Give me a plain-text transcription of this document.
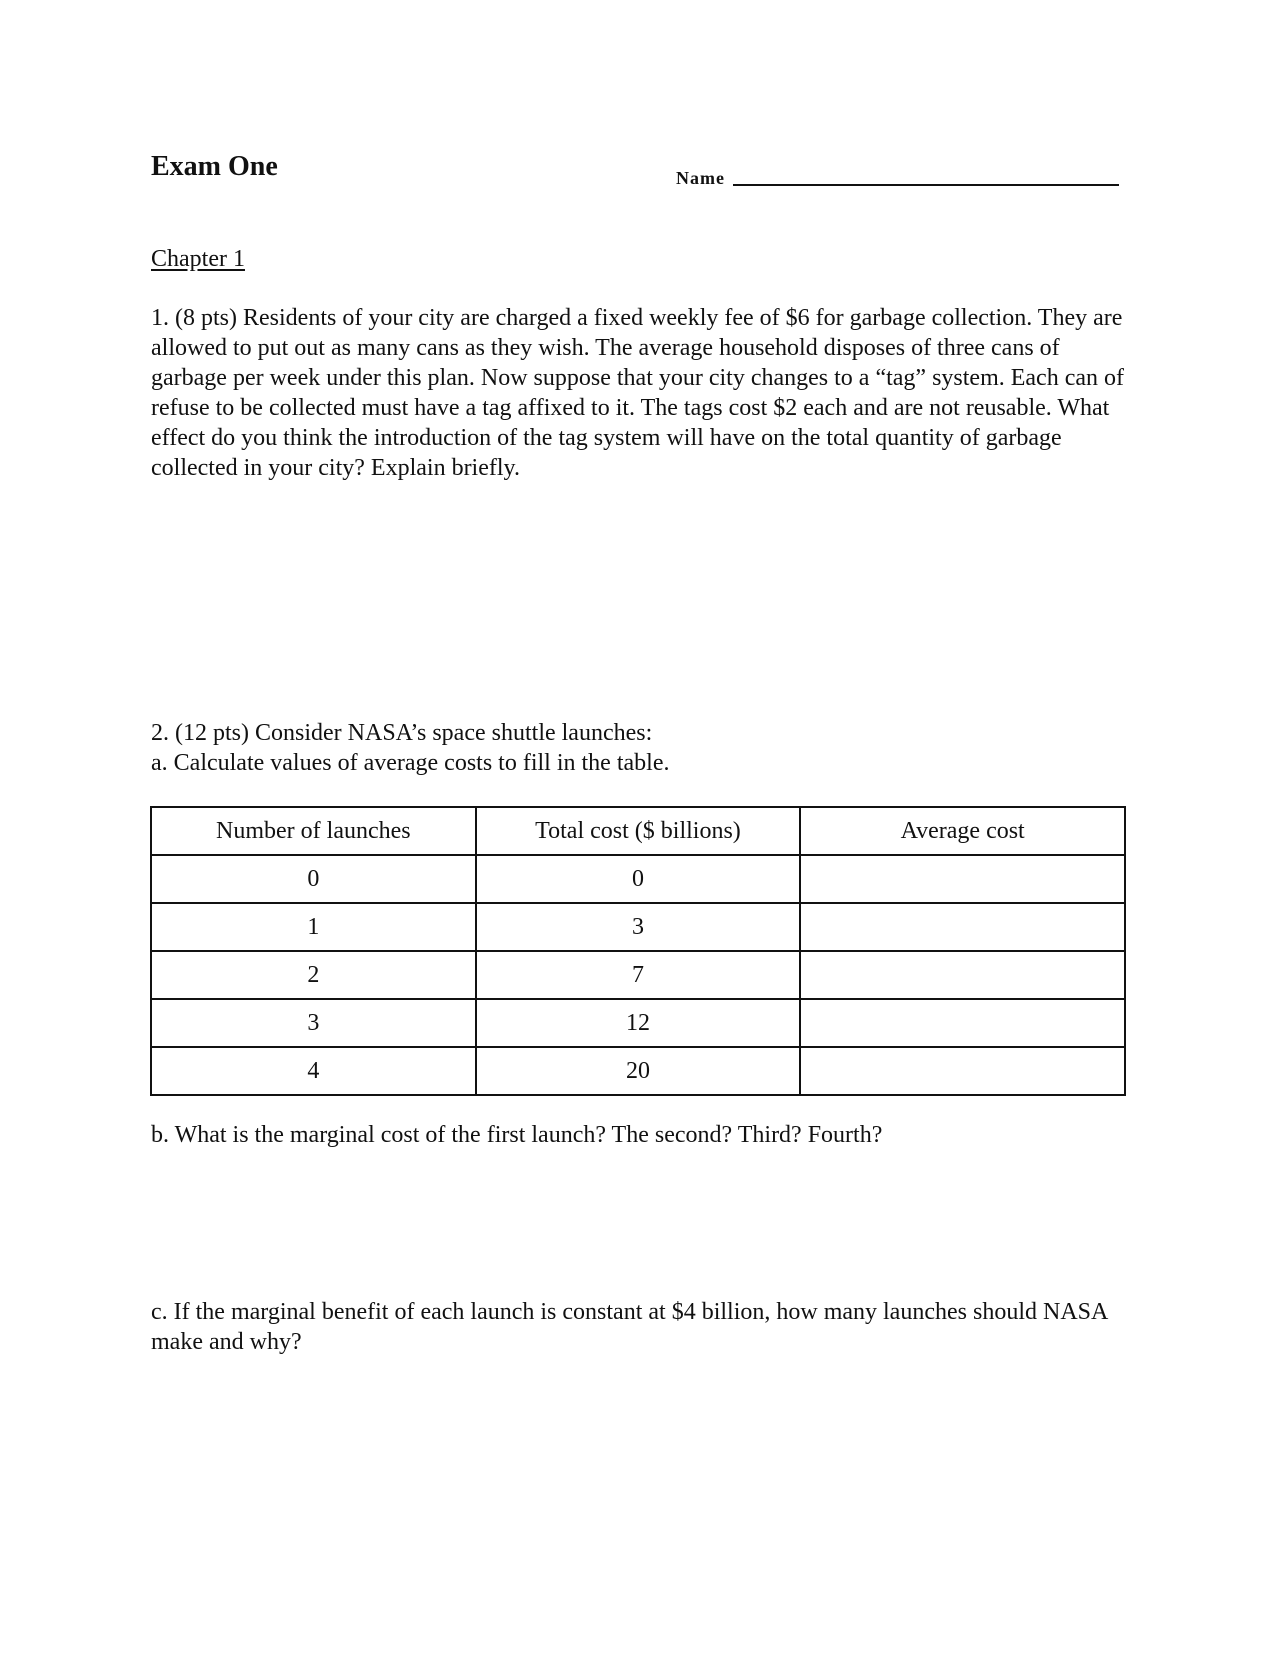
Exam One	Name
Chapter 1

1. (8 pts) Residents of your city are charged a fixed weekly fee of $6 for garbage collection. They are allowed to put out as many cans as they wish. The average household disposes of three cans of garbage per week under this plan. Now suppose that your city changes to a “tag” system. Each can of refuse to be collected must have a tag affixed to it. The tags cost $2 each and are not reusable. What effect do you think the introduction of the tag system will have on the total quantity of garbage collected in your city? Explain briefly.

2. (12 pts) Consider NASA’s space shuttle launches:
a. Calculate values of average costs to fill in the table.
Number of launches	Total cost ($ billions)	Average cost
0	0	
1	3	
2	7	
3	12	
4	20	

b. What is the marginal cost of the first launch? The second? Third? Fourth?

c. If the marginal benefit of each launch is constant at $4 billion, how many launches should NASA make and why?
